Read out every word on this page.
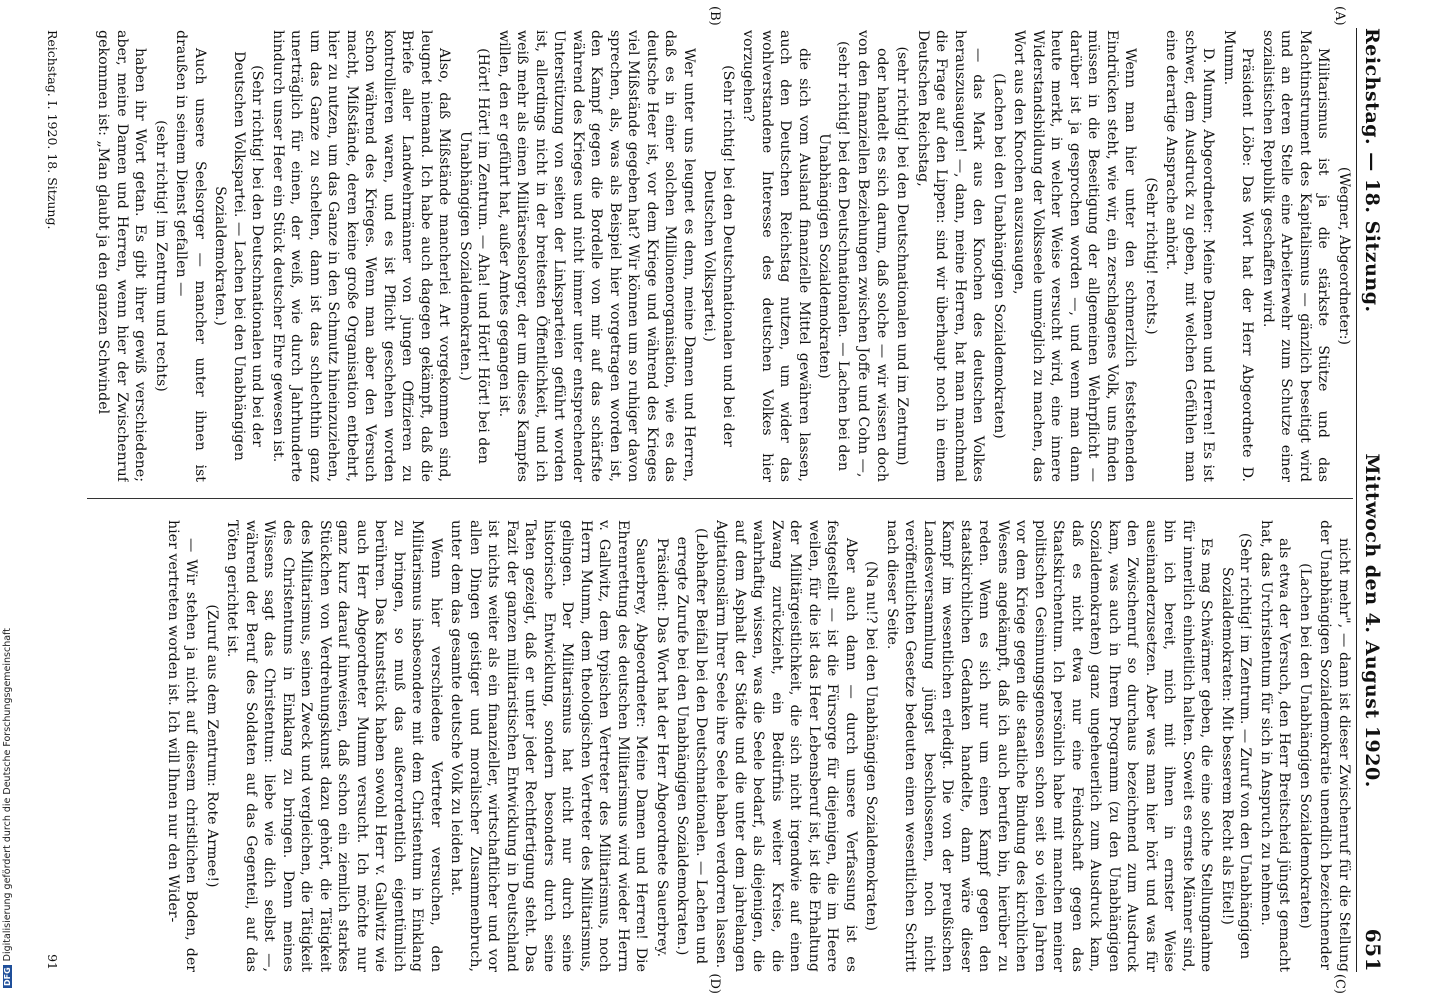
DFGDigitalisierung gefördert durch die Deutsche Forschungsgemeinschaft
Reichstag. — 18. Sitzung.
Mittwoch den 4. August 1920.
651
(A)
(B)
(C)
(D)

(Wegner, Abgeordneter:)

Militarismus ist ja die stärkste Stütze und das Machtinstrument des Kapitalismus — gänzlich beseitigt wird und an deren Stelle eine Arbeiterwehr zum Schutze einer sozialistischen Republik geschaffen wird.

Präsident Löbe: Das Wort hat der Herr Abgeordnete D. Mumm.

D. Mumm, Abgeordneter: Meine Damen und Herren! Es ist schwer, dem Ausdruck zu geben, mit welchen Gefühlen man eine derartige Ansprache anhört.

(Sehr richtig! rechts.)

Wenn man hier unter den schmerzlich feststehenden Eindrücken steht, wie wir, ein zerschlagenes Volk, uns finden müssen in die Beseitigung der allgemeinen Wehrpflicht — darüber ist ja gesprochen worden —, und wenn man dann heute merkt, in welcher Weise versucht wird, eine innere Widerstandsbildung der Volksseele unmöglich zu machen, das Wort aus den Knochen auszusaugen,

(Lachen bei den Unabhängigen Sozialdemokraten)

— das Mark aus den Knochen des deutschen Volkes herauszusaugen! —, dann, meine Herren, hat man manchmal die Frage auf den Lippen: sind wir überhaupt noch in einem Deutschen Reichstag,

(sehr richtig! bei den Deutschnationalen und im Zentrum)

oder handelt es sich darum, daß solche — wir wissen doch von den finanziellen Beziehungen zwischen Joffe und Cohn —,

(sehr richtig! bei den Deutschnationalen. — Lachen bei den Unabhängigen Sozialdemokraten)

die sich vom Ausland finanzielle Mittel gewähren lassen, auch den Deutschen Reichstag nutzen, um wider das wohlverstandene Interesse des deutschen Volkes hier vorzugehen?

(Sehr richtig! bei den Deutschnationalen und bei der Deutschen Volkspartei.)

Wer unter uns leugnet es denn, meine Damen und Herren, daß es in einer solchen Millionenorganisation, wie es das deutsche Heer ist, vor dem Kriege und während des Krieges viel Mißstände gegeben hat? Wir können um so ruhiger davon sprechen, als, was als Beispiel hier vorgetragen worden ist, den Kampf gegen die Bordelle von mir auf das schärfste während des Krieges und nicht immer unter entsprechender Unterstützung von seiten der Linksparteien geführt worden ist, allerdings nicht in der breitesten Öffentlichkeit, und ich weiß mehr als einen Militärseelsorger, der um dieses Kampfes willen, den er geführt hat, außer Amtes gegangen ist.

(Hört! Hört! im Zentrum. — Aha! und Hört! Hört! bei den Unabhängigen Sozialdemokraten.)

Also, daß Mißstände mancherlei Art vorgekommen sind, leugnet niemand. Ich habe auch dagegen gekämpft, daß die Briefe aller Landwehrmänner von jungen Offizieren zu kontrollieren waren, und es ist Pflicht geschehen worden schon während des Krieges. Wenn man aber den Versuch macht, Mißstände, deren keine große Organisation entbehrt, hier zu nutzen, um das Ganze in den Schmutz hineinzuziehen, um das Ganze zu schelten, dann ist das schlechthin ganz unerträglich für einen, der weiß, wie durch Jahrhunderte hindurch unser Heer ein Stück deutscher Ehre gewesen ist.

(Sehr richtig! bei den Deutschnationalen und bei der Deutschen Volkspartei. — Lachen bei den Unabhängigen Sozialdemokraten.)

Auch unsere Seelsorger — mancher unter ihnen ist draußen in seinem Dienst gefallen —

(sehr richtig! im Zentrum und rechts)

haben ihr Wort getan. Es gibt ihrer gewiß verschiedene; aber, meine Damen und Herren, wenn hier der Zwischenruf gekommen ist: „Man glaubt ja den ganzen Schwindel

nicht mehr", — dann ist dieser Zwischenruf für die Stellung der Unabhängigen Sozialdemokratie unendlich bezeichnender

(Lachen bei den Unabhängigen Sozialdemokraten)

als etwa der Versuch, den Herr Breitscheid jüngst gemacht hat, das Urchristentum für sich in Anspruch zu nehmen.

(Sehr richtig! im Zentrum. — Zuruf von den Unabhängigen Sozialdemokraten: Mit besserem Recht als Eitel!)

Es mag Schwärmer geben, die eine solche Stellungnahme für innerlich einheitlich halten. Soweit es ernste Männer sind, bin ich bereit, mich mit ihnen in ernster Weise auseinanderzusetzen. Aber was man hier hört und was für den Zwischenruf so durchaus bezeichnend zum Ausdruck kam, was auch in Ihrem Programm (zu den Unabhängigen Sozialdemokraten) ganz ungeheuerlich zum Ausdruck kam, daß es nicht etwa nur eine Feindschaft gegen das Staatskirchentum. Ich persönlich habe mit manchen meiner politischen Gesinnungsgenossen schon seit so vielen Jahren vor dem Kriege gegen die staatliche Bindung des kirchlichen Wesens angekämpft, daß ich auch berufen bin, hierüber zu reden. Wenn es sich nur um einen Kampf gegen den staatskirchlichen Gedanken handelte, dann wäre dieser Kampf im wesentlichen erledigt. Die von der preußischen Landesversammlung jüngst beschlossenen, noch nicht veröffentlichten Gesetze bedeuten einen wesentlichen Schritt nach dieser Seite.

(Na nu!? bei den Unabhängigen Sozialdemokraten)

Aber auch dann — durch unsere Verfassung ist es festgestellt — ist die Fürsorge für diejenigen, die im Heere weilen, für die ist das Heer Lebensberuf ist, ist die Erhaltung der Militärgeistlichkeit, die sich nicht irgendwie auf einen Zwang zurückzieht, ein Bedürfnis weiter Kreise, die wahrhaftig wissen, was die Seele bedarf, als diejenigen, die auf dem Asphalt der Städte und die unter dem jahrelangen Agitationslärm Ihrer Seele ihre Seele haben verdorren lassen.

(Lebhafter Beifall bei den Deutschnationalen. — Lachen und erregte Zurufe bei den Unabhängigen Sozialdemokraten.)

Präsident: Das Wort hat der Herr Abgeordnete Sauerbrey.

Sauerbrey, Abgeordneter: Meine Damen und Herren! Die Ehrenrettung des deutschen Militarismus wird wieder Herrn v. Gallwitz, dem typischen Vertreter des Militarismus, noch Herrn Mumm, dem theologischen Vertreter des Militarismus, gelingen. Der Militarismus hat nicht nur durch seine historische Entwicklung, sondern besonders durch seine Taten gezeigt, daß er unter jeder Rechtfertigung steht. Das Fazit der ganzen militaristischen Entwicklung in Deutschland ist nichts weiter als ein finanzieller, wirtschaftlicher und vor allen Dingen geistiger und moralischer Zusammenbruch, unter dem das gesamte deutsche Volk zu leiden hat.

Wenn hier verschiedene Vertreter versuchen, den Militarismus insbesondere mit dem Christentum in Einklang zu bringen, so muß das außerordentlich eigentümlich berühren. Das Kunststück haben sowohl Herr v. Gallwitz wie auch Herr Abgeordneter Mumm versucht. Ich möchte nur ganz kurz darauf hinweisen, daß schon ein ziemlich starkes Stückchen von Verdrehungskunst dazu gehört, die Tätigkeit des Militarismus, seinen Zweck und vergleichen, die Tätigkeit des Christentums in Einklang zu bringen. Denn meines Wissens sagt das Christentum: liebe wie dich selbst —, während der Beruf des Soldaten auf das Gegenteil, auf das Töten gerichtet ist.

(Zuruf aus dem Zentrum: Rote Armee!)

— Wir stehen ja nicht auf diesem christlichen Boden, der hier vertreten worden ist. Ich will Ihnen nur den Wider-

Reichstag. I. 1920. 18. Sitzung.
91
